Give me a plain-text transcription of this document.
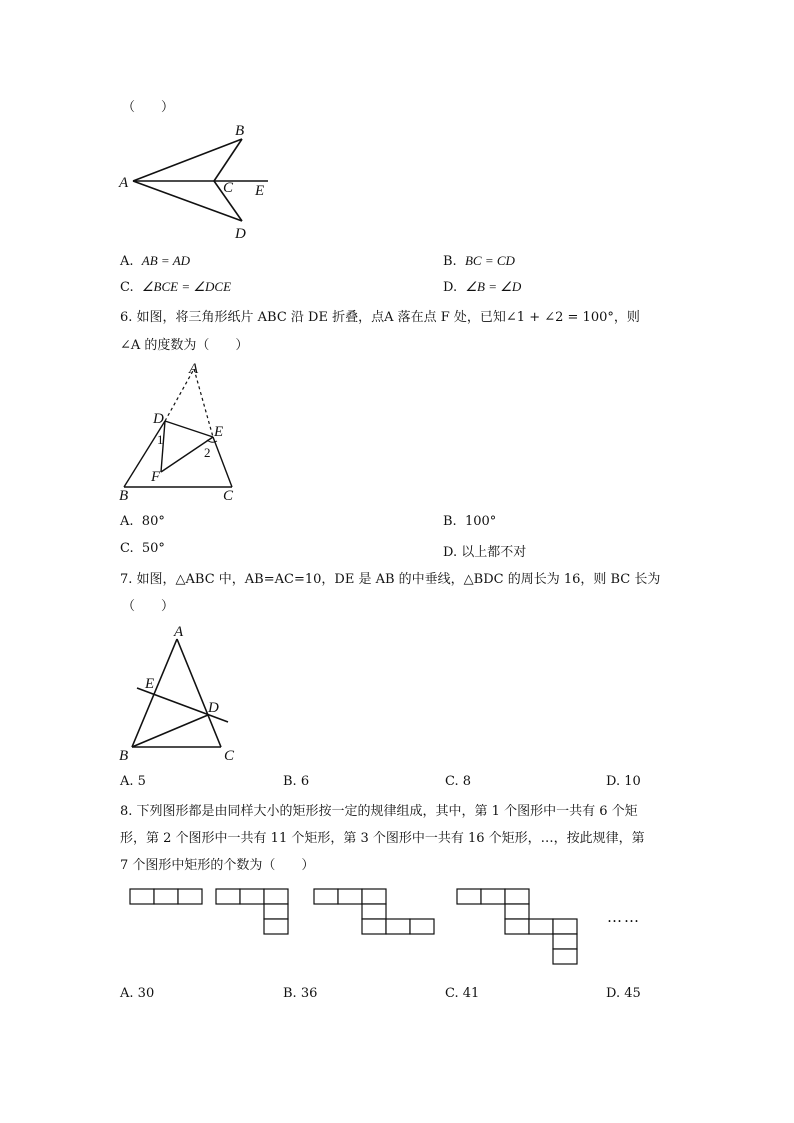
（　　）
B
A	C E
D
A. AB = AD	B. BC = CD
C. ∠BCE = ∠DCE	D. ∠B = ∠D
6. 如图，将三角形纸片 ABC 沿 DE 折叠，点A 落在点 F 处，已知∠1 + ∠2 = 100°，则
∠A 的度数为（　　）
A
D
E
1
2
F
B	C
A. 80°	B. 100°
C. 50°	D. 以上都不对
7. 如图，△ABC 中，AB=AC=10，DE 是 AB 的中垂线，△BDC 的周长为 16，则 BC 长为
（　　）
A
E
D
B	C
A. 5	B. 6	C. 8	D. 10
8. 下列图形都是由同样大小的矩形按一定的规律组成，其中，第 1 个图形中一共有 6 个矩
形，第 2 个图形中一共有 11 个矩形，第 3 个图形中一共有 16 个矩形，…，按此规律，第
7 个图形中矩形的个数为（　　）
……
A. 30	B. 36	C. 41	D. 45
